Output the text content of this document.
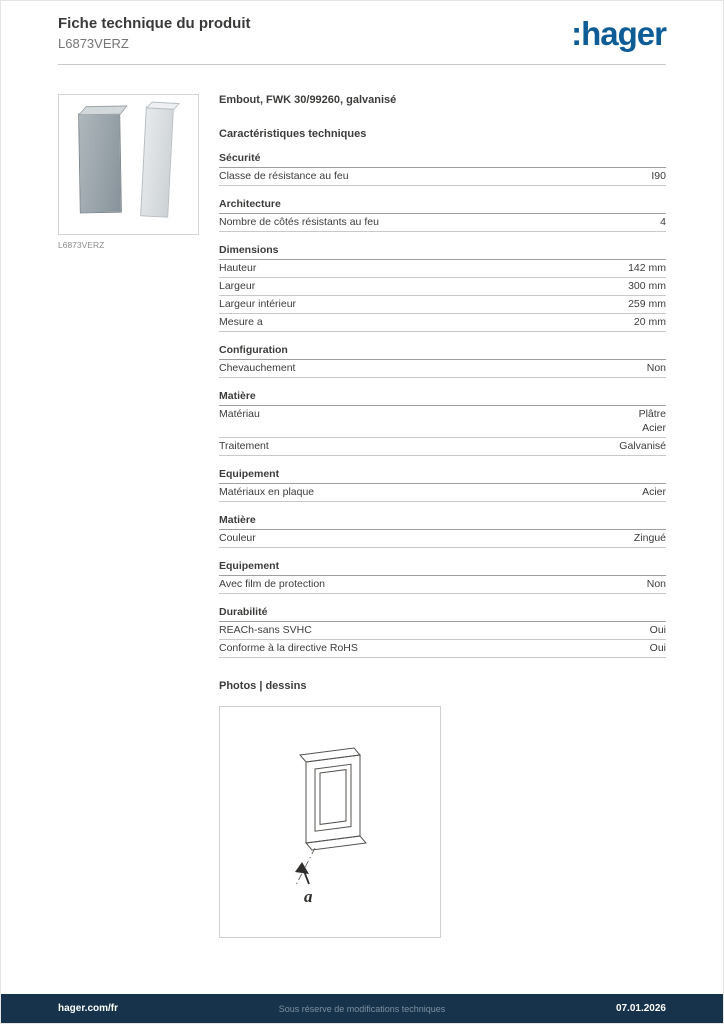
Fiche technique du produit
L6873VERZ	:hager
L6873VERZ
Embout, FWK 30/99260, galvanisé
Caractéristiques techniques
Sécurité
Classe de résistance au feu	I90
Architecture
Nombre de côtés résistants au feu	4
Dimensions
Hauteur	142 mm
Largeur	300 mm
Largeur intérieur	259 mm
Mesure a	20 mm
Configuration
Chevauchement	Non
Matière
Matériau	Plâtre
Acier
Traitement	Galvanisé
Equipement
Matériaux en plaque	Acier
Matière
Couleur	Zingué
Equipement
Avec film de protection	Non
Durabilité
REACh-sans SVHC	Oui
Conforme à la directive RoHS	Oui
Photos | dessins
a
hager.com/fr	Sous réserve de modifications techniques	07.01.2026
